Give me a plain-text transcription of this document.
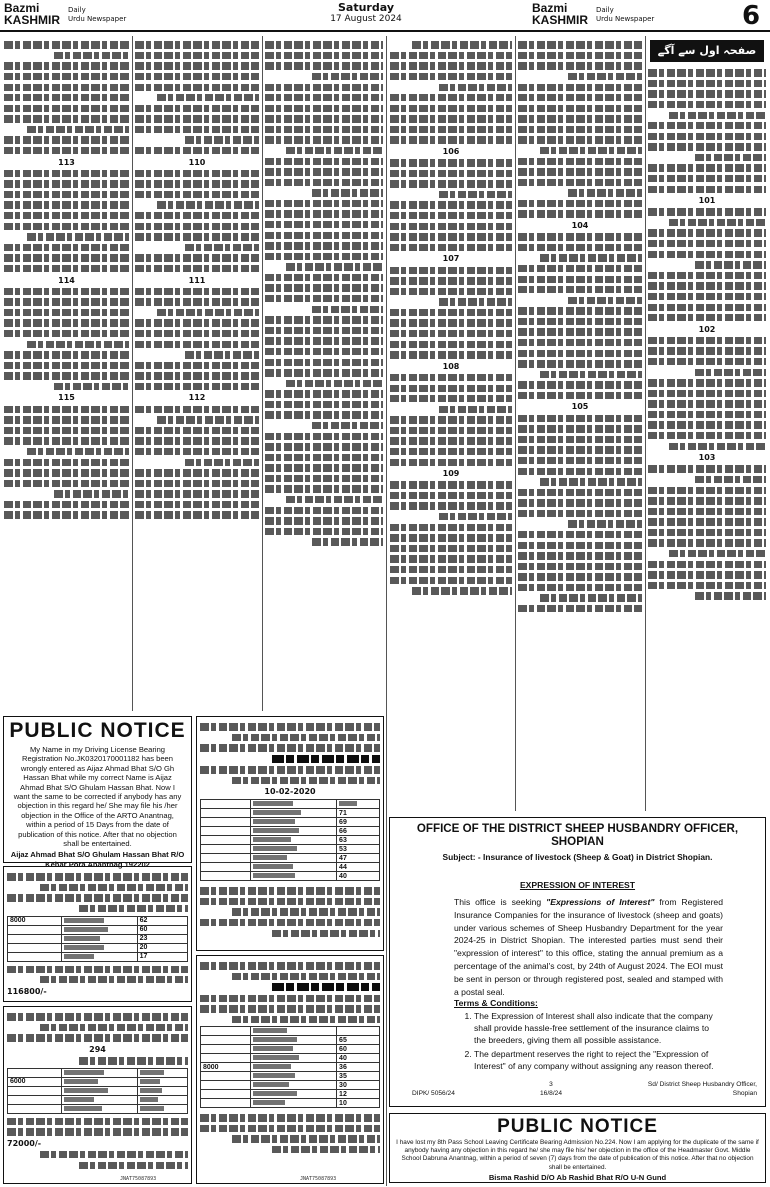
Bazmi
KASHMIR
Daily
Urdu Newspaper
Saturday
17 August 2024
Bazmi
KASHMIR
Daily
Urdu Newspaper	6
صفحہ اول سے آگے
101
102
103
104
105
106
107
108
109
110
111
112
113
114
115
PUBLIC NOTICE
My Name in my Driving License Bearing Registration No.JK0320170001182 has been wrongly entered as Aijaz Ahmad Bhat S/O Gh Hassan Bhat while my correct Name is Aijaz Ahmad Bhat S/O Ghulam Hassan Bhat. Now I want the same to be corrected if anybody has any objection in this regard he/ She may file his /her objection in the Office of the ARTO Anantnag, within a period of 15 Days from the date of publication of this notice. After that no objection shall be entertained.
Aijaz Ahmad Bhat S/O Ghulam Hassan Bhat R/O Kehar Pora Anantnag 192202
8000		62
		60
		23
		20
		17
116800/-
294

6000		

72000/-
JNAT75087893
10-02-2020

		71
		69
		66
		63
		53
		47
		44
		40

		65
		60
		40
8000		36
		35
		30
		12
		10
JNAT75087893
OFFICE OF THE DISTRICT SHEEP HUSBANDRY OFFICER, SHOPIAN
Subject: - Insurance of livestock (Sheep & Goat) in District Shopian.
EXPRESSION OF INTEREST
This office is seeking "Expressions of Interest" from Registered Insurance Companies for the insurance of livestock (sheep and goats) under various schemes of Sheep Husbandry Department for the year 2024-25 in District Shopian. The interested parties must send their "expression of interest" to this office, stating the annual premium as a percentage of the animal's cost, by 24th of August 2024. The EOI must be sent in person or through registered post, sealed and stamped with a postal seal.
Terms & Conditions:
1. The Expression of Interest shall also indicate that the company shall provide hassle-free settlement of the insurance claims to the breeders, giving them all possible assistance.
2. The department reserves the right to reject the "Expression of Interest" of any company without assigning any reason thereof.
DIPK/ 5056/24
3
16/8/24
Sd/ District Sheep Husbandry Officer,
Shopian
PUBLIC NOTICE
I have lost my 8th Pass School Leaving Certificate Bearing Admission No.224. Now I am applying for the duplicate of the same if anybody having any objection in this regard he/ she may file his/ her objection in the office of the Headmaster Govt. Middle School Dabruna Anantnag, within a period of seven (7) days from the date of publication of this notice. After that no objection shall be entertained.
Bisma Rashid D/O Ab Rashid Bhat R/O U-N Gund
